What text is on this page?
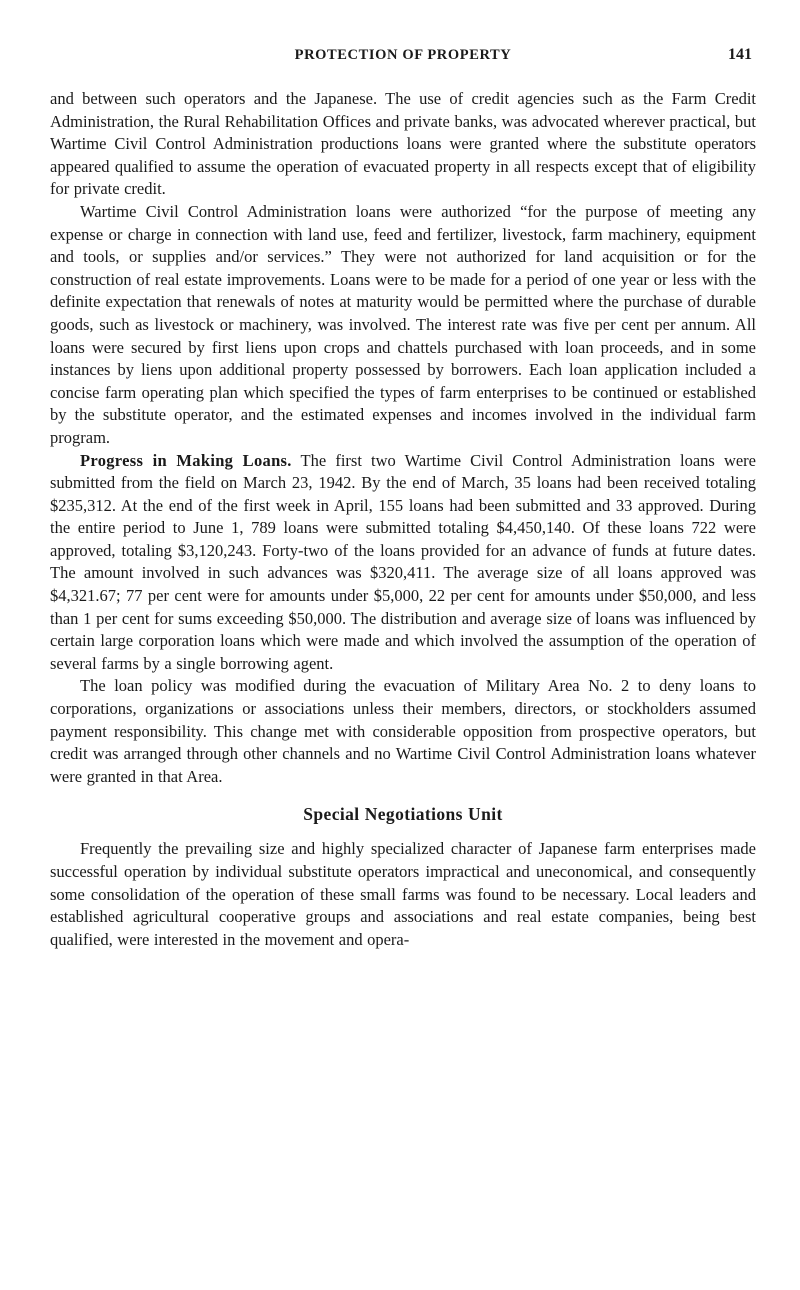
PROTECTION OF PROPERTY	141

and between such operators and the Japanese. The use of credit agencies such as the Farm Credit Administration, the Rural Rehabilitation Offices and private banks, was advocated wherever practical, but Wartime Civil Control Administration productions loans were granted where the substitute operators appeared qualified to assume the operation of evacuated property in all respects except that of eligibility for private credit.

Wartime Civil Control Administration loans were authorized “for the purpose of meeting any expense or charge in connection with land use, feed and fertilizer, livestock, farm machinery, equipment and tools, or supplies and/or services.” They were not authorized for land acquisition or for the construction of real estate improvements. Loans were to be made for a period of one year or less with the definite expectation that renewals of notes at maturity would be permitted where the purchase of durable goods, such as livestock or machinery, was involved. The interest rate was five per cent per annum. All loans were secured by first liens upon crops and chattels purchased with loan proceeds, and in some instances by liens upon additional property possessed by borrowers. Each loan application included a concise farm operating plan which specified the types of farm enterprises to be continued or established by the substitute operator, and the estimated expenses and incomes involved in the individual farm program.

Progress in Making Loans. The first two Wartime Civil Control Administration loans were submitted from the field on March 23, 1942. By the end of March, 35 loans had been received totaling $235,312. At the end of the first week in April, 155 loans had been submitted and 33 approved. During the entire period to June 1, 789 loans were submitted totaling $4,450,140. Of these loans 722 were approved, totaling $3,120,243. Forty-two of the loans provided for an advance of funds at future dates. The amount involved in such advances was $320,411. The average size of all loans approved was $4,321.67; 77 per cent were for amounts under $5,000, 22 per cent for amounts under $50,000, and less than 1 per cent for sums exceeding $50,000. The distribution and average size of loans was influenced by certain large corporation loans which were made and which involved the assumption of the operation of several farms by a single borrowing agent.

The loan policy was modified during the evacuation of Military Area No. 2 to deny loans to corporations, organizations or associations unless their members, directors, or stockholders assumed payment responsibility. This change met with considerable opposition from prospective operators, but credit was arranged through other channels and no Wartime Civil Control Administration loans whatever were granted in that Area.

Special Negotiations Unit

Frequently the prevailing size and highly specialized character of Japanese farm enterprises made successful operation by individual substitute operators impractical and uneconomical, and consequently some consolidation of the operation of these small farms was found to be necessary. Local leaders and established agricultural cooperative groups and associations and real estate companies, being best qualified, were interested in the movement and opera-
